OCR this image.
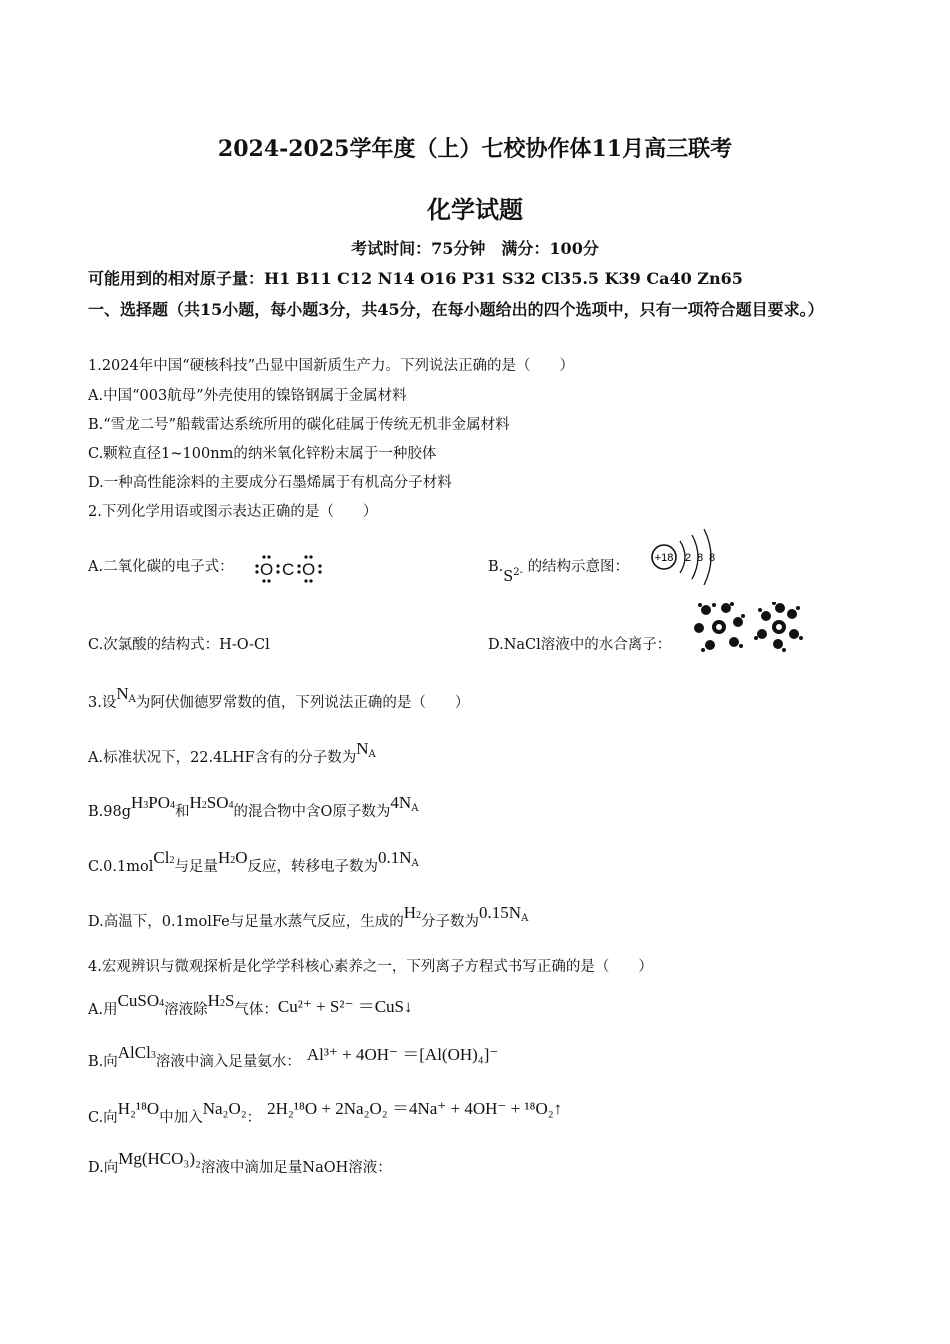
2024-2025学年度（上）七校协作体11月高三联考
化学试题
考试时间：75分钟　满分：100分
可能用到的相对原子量：H1 B11 C12 N14 O16 P31 S32 Cl35.5 K39 Ca40 Zn65
一、选择题（共15小题，每小题3分，共45分，在每小题给出的四个选项中，只有一项符合题目要求。）
1.2024年中国“硬核科技”凸显中国新质生产力。下列说法正确的是（　　）
A.中国“003航母”外壳使用的镍铬钢属于金属材料
B.“雪龙二号”船载雷达系统所用的碳化硅属于传统无机非金属材料
C.颗粒直径1~100nm的纳米氧化锌粉末属于一种胶体
D.一种高性能涂料的主要成分石墨烯属于有机高分子材料
2.下列化学用语或图示表达正确的是（　　）
A.二氧化碳的电子式： O C O	$B.S^{2-}$ 的结构示意图：
+18 2 8 8
C.次氯酸的结构式：H-O-Cl	D.NaCl溶液中的水合离子：
3.设$N^A$为阿伏伽德罗常数的值，下列说法正确的是（　　）
A.标准状况下，22.4LHF含有的分子数为$N^A$
B.98gH3PO4和H2SO4的混合物中含O原子数为$4N^A$
C.0.1molCl2与足量H2O反应，转移电子数为$0.1N^A$
D.高温下，0.1molFe与足量水蒸气反应，生成的H2分子数为$0.15N^A$
4.宏观辨识与微观探析是化学学科核心素养之一，下列离子方程式书写正确的是（　　）
A.用CuSO4溶液除H2S气体：Cu²⁺ + S²⁻ ＝CuS↓
B.向AlCl3溶液中滴入足量氨水： Al³⁺ + 4OH⁻ ＝[Al(OH)₄]⁻
C.向H₂¹⁸O中加入Na₂O₂： 2H₂¹⁸O + 2Na₂O₂ ＝4Na⁺ + 4OH⁻ + ¹⁸O₂↑
D.向Mg(HCO₃)₂溶液中滴加足量NaOH溶液：
